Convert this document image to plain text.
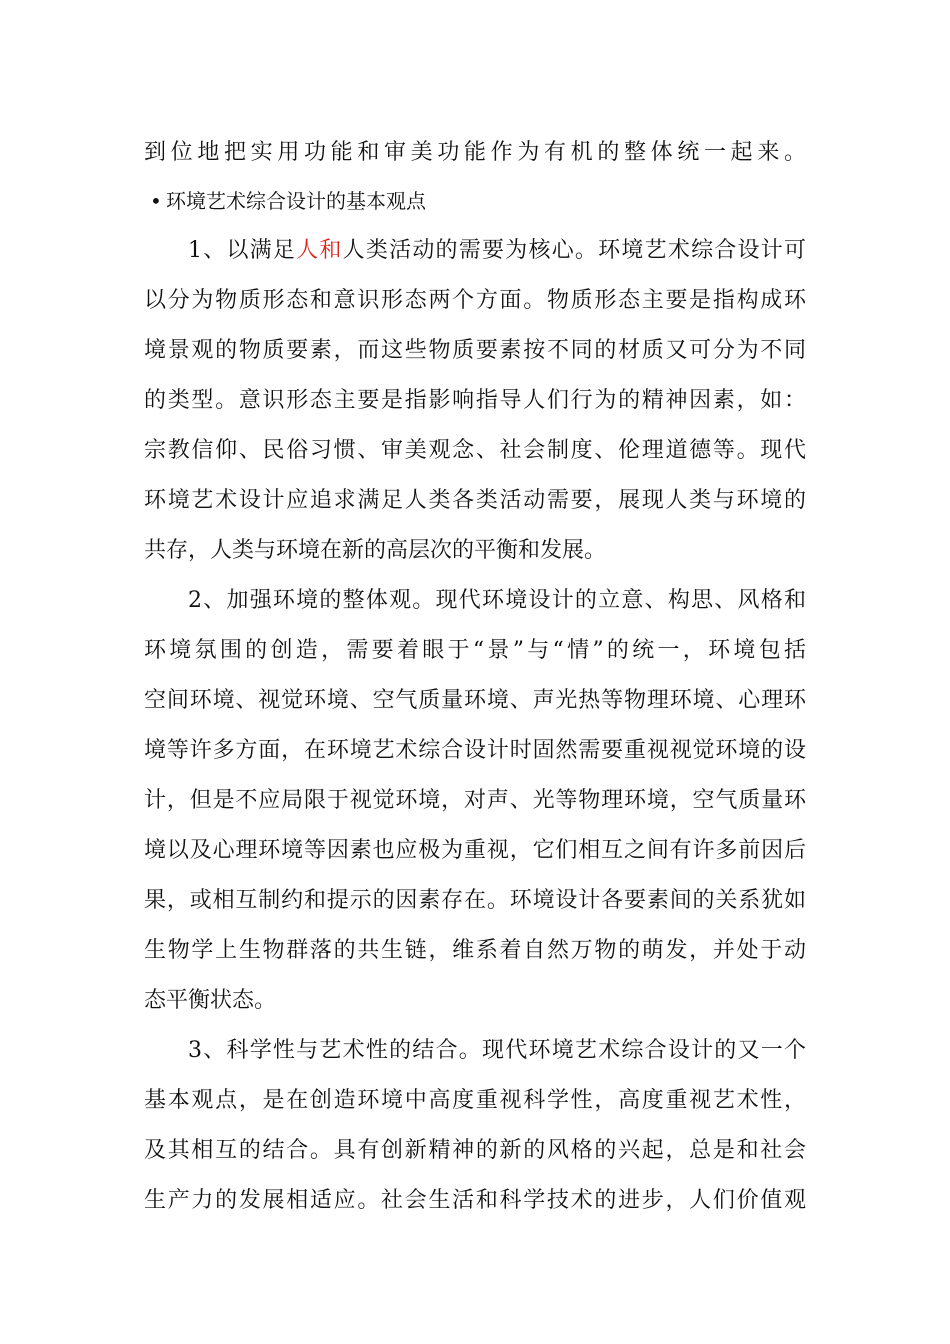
到位地把实用功能和审美功能作为有机的整体统一起来。
• 环境艺术综合设计的基本观点
1、以满足人和人类活动的需要为核心。环境艺术综合设计可
以分为物质形态和意识形态两个方面。物质形态主要是指构成环
境景观的物质要素，而这些物质要素按不同的材质又可分为不同
的类型。意识形态主要是指影响指导人们行为的精神因素，如：
宗教信仰、民俗习惯、审美观念、社会制度、伦理道德等。现代
环境艺术设计应追求满足人类各类活动需要，展现人类与环境的
共存，人类与环境在新的高层次的平衡和发展。
2、加强环境的整体观。现代环境设计的立意、构思、风格和
环境氛围的创造，需要着眼于“景”与“情”的统一，环境包括
空间环境、视觉环境、空气质量环境、声光热等物理环境、心理环
境等许多方面，在环境艺术综合设计时固然需要重视视觉环境的设
计，但是不应局限于视觉环境，对声、光等物理环境，空气质量环
境以及心理环境等因素也应极为重视，它们相互之间有许多前因后
果，或相互制约和提示的因素存在。环境设计各要素间的关系犹如
生物学上生物群落的共生链，维系着自然万物的萌发，并处于动
态平衡状态。
3、科学性与艺术性的结合。现代环境艺术综合设计的又一个
基本观点，是在创造环境中高度重视科学性，高度重视艺术性，
及其相互的结合。具有创新精神的新的风格的兴起，总是和社会
生产力的发展相适应。社会生活和科学技术的进步，人们价值观
